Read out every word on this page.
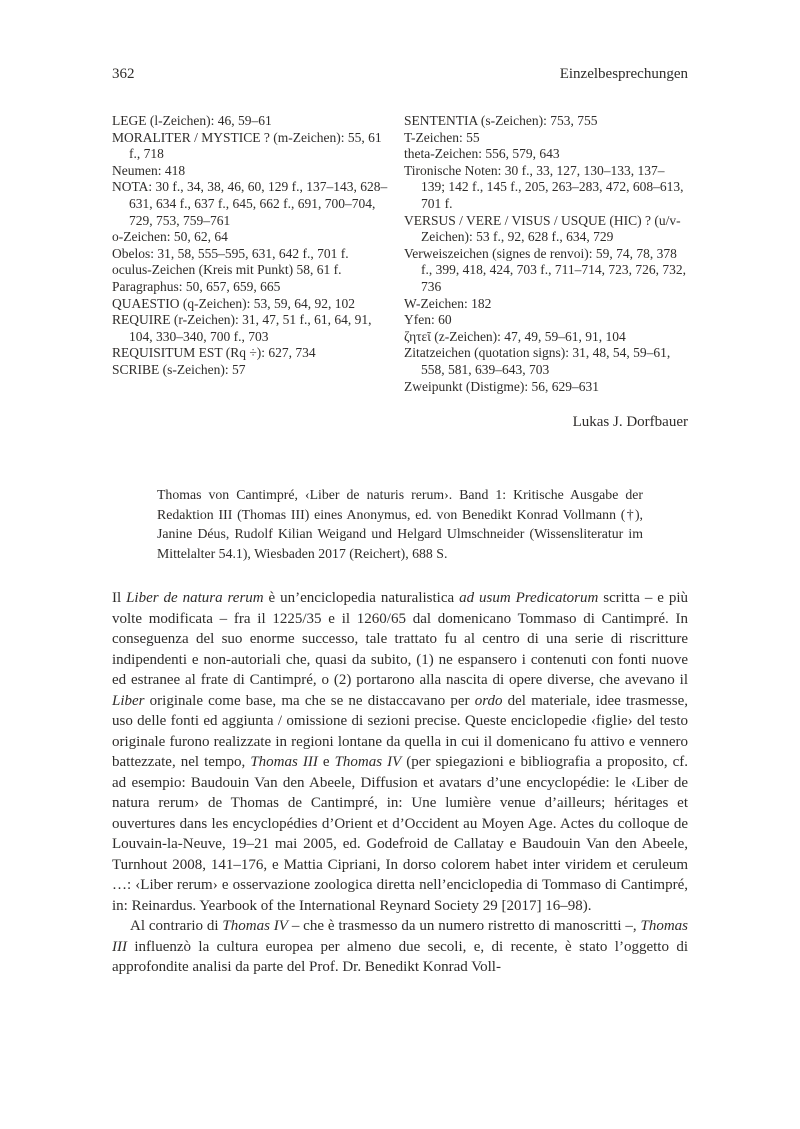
362	Einzelbesprechungen
LEGE (l-Zeichen): 46, 59–61
MORALITER / MYSTICE ? (m-Zeichen): 55, 61 f., 718
Neumen: 418
NOTA: 30 f., 34, 38, 46, 60, 129 f., 137–143, 628–631, 634 f., 637 f., 645, 662 f., 691, 700–704, 729, 753, 759–761
o-Zeichen: 50, 62, 64
Obelos: 31, 58, 555–595, 631, 642 f., 701 f.
oculus-Zeichen (Kreis mit Punkt) 58, 61 f.
Paragraphus: 50, 657, 659, 665
QUAESTIO (q-Zeichen): 53, 59, 64, 92, 102
REQUIRE (r-Zeichen): 31, 47, 51 f., 61, 64, 91, 104, 330–340, 700 f., 703
REQUISITUM EST (Rq ÷): 627, 734
SCRIBE (s-Zeichen): 57
SENTENTIA (s-Zeichen): 753, 755
T-Zeichen: 55
theta-Zeichen: 556, 579, 643
Tironische Noten: 30 f., 33, 127, 130–133, 137–139; 142 f., 145 f., 205, 263–283, 472, 608–613, 701 f.
VERSUS / VERE / VISUS / USQUE (HIC) ? (u/v-Zeichen): 53 f., 92, 628 f., 634, 729
Verweiszeichen (signes de renvoi): 59, 74, 78, 378 f., 399, 418, 424, 703 f., 711–714, 723, 726, 732, 736
W-Zeichen: 182
Yfen: 60
ζητεῖ (z-Zeichen): 47, 49, 59–61, 91, 104
Zitatzeichen (quotation signs): 31, 48, 54, 59–61, 558, 581, 639–643, 703
Zweipunkt (Distigme): 56, 629–631
Lukas J. Dorfbauer

Thomas von Cantimpré, ‹Liber de naturis rerum›. Band 1: Kritische Ausgabe der Redaktion III (Thomas III) eines Anonymus, ed. von Benedikt Konrad Vollmann (†), Janine Déus, Rudolf Kilian Weigand und Helgard Ulmschneider (Wissensliteratur im Mittelalter 54.1), Wiesbaden 2017 (Reichert), 688 S.

Il Liber de natura rerum è un’enciclopedia naturalistica ad usum Predicatorum scritta – e più volte modificata – fra il 1225/35 e il 1260/65 dal domenicano Tommaso di Cantimpré. In conseguenza del suo enorme successo, tale trattato fu al centro di una serie di riscritture indipendenti e non-autoriali che, quasi da subito, (1) ne espansero i contenuti con fonti nuove ed estranee al frate di Cantimpré, o (2) portarono alla nascita di opere diverse, che avevano il Liber originale come base, ma che se ne distaccavano per ordo del materiale, idee trasmesse, uso delle fonti ed aggiunta / omissione di sezioni precise. Queste enciclopedie ‹figlie› del testo originale furono realizzate in regioni lontane da quella in cui il domenicano fu attivo e vennero battezzate, nel tempo, Thomas III e Thomas IV (per spiegazioni e bibliografia a proposito, cf. ad esempio: Baudouin Van den Abeele, Diffusion et avatars d’une encyclopédie: le ‹Liber de natura rerum› de Thomas de Cantimpré, in: Une lumière venue d’ailleurs; héritages et ouvertures dans les encyclopédies d’Orient et d’Occident au Moyen Age. Actes du colloque de Louvain-la-Neuve, 19–21 mai 2005, ed. Godefroid de Callatay e Baudouin Van den Abeele, Turnhout 2008, 141–176, e Mattia Cipriani, In dorso colorem habet inter viridem et ceruleum …: ‹Liber rerum› e osservazione zoologica diretta nell’enciclopedia di Tommaso di Cantimpré, in: Reinardus. Yearbook of the International Reynard Society 29 [2017] 16–98).

Al contrario di Thomas IV – che è trasmesso da un numero ristretto di manoscritti –, Thomas III influenzò la cultura europea per almeno due secoli, e, di recente, è stato l’oggetto di approfondite analisi da parte del Prof. Dr. Benedikt Konrad Voll-
